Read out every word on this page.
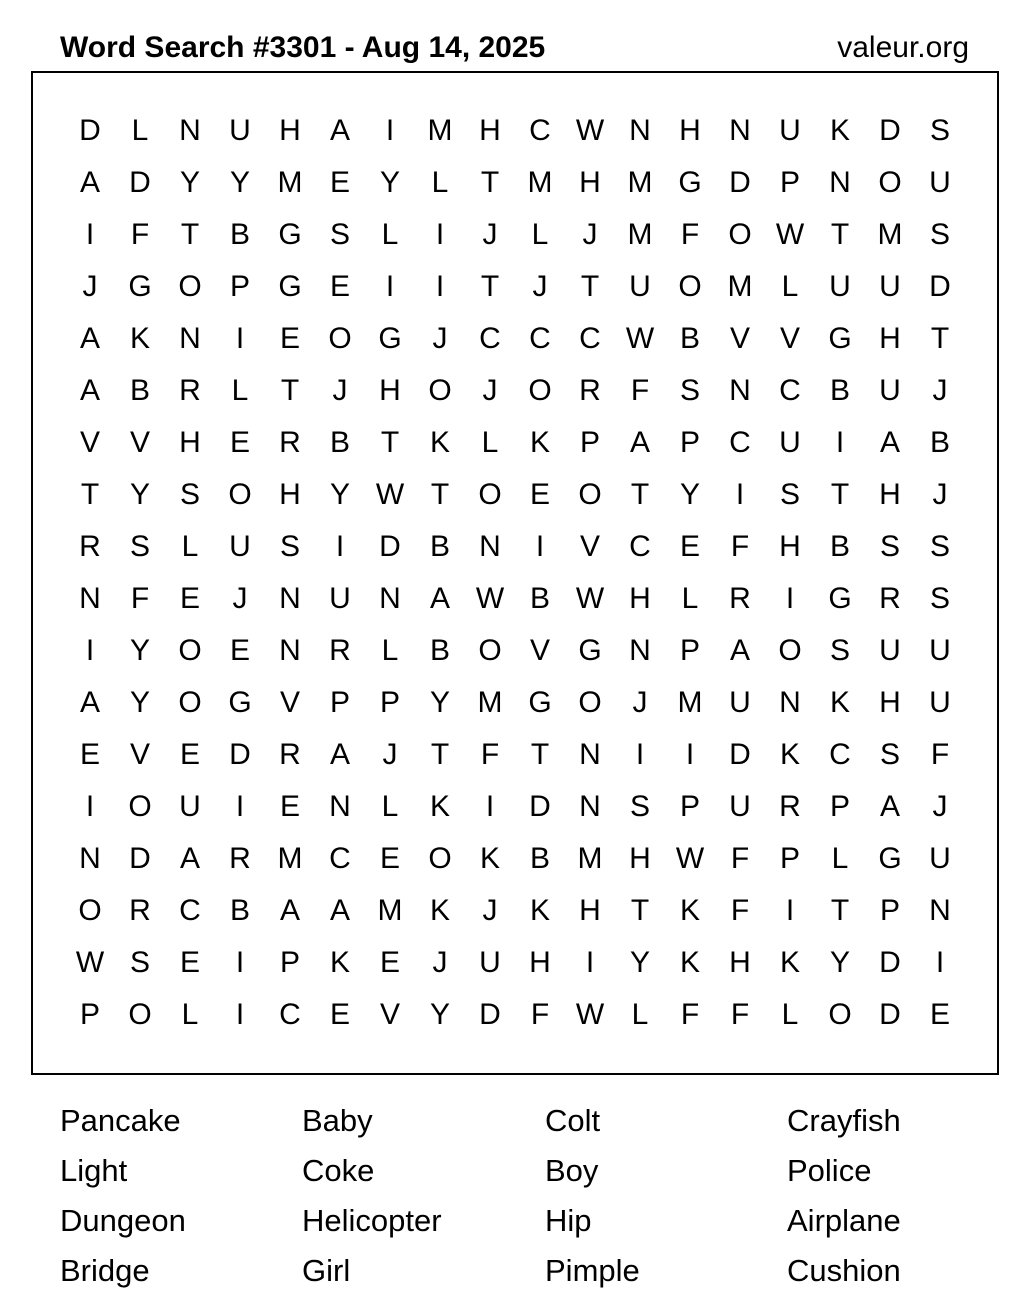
Word Search #3301 - Aug 14, 2025	valeur.org
D	L	N U H A	I	M H C W N H N U K D S
A D Y Y M E Y	L	T M H M G D P N O U
I	F	T	B G S	L	I	J	L	J	M F O W T M S
J	G O P G E	I	I	T	J	T	U O M L	U U D
A K N	I	E O G	J	C C C W B V V G H	T
A B R	L	T	J	H O	J	O R	F	S N C B U	J
V V H E R B	T	K	L	K P A P C U	I	A B
T	Y S O H Y W T O E O T	Y	I	S	T	H	J
R S	L	U S	I	D B N	I	V C E	F	H B S S
N	F	E	J	N U N A W B W H	L	R	I	G R S
I	Y O E N R	L	B O V G N P A O S U U
A Y O G V P P Y M G O	J	M U N K H U
E V E D R A	J	T	F	T	N	I	I	D K C S	F
I	O U	I	E N	L	K	I	D N S P U R P A	J
N D A R M C E O K B M H W F	P	L G U
O R C B A A M K	J	K H	T	K	F	I	T	P N
W S E	I	P K E	J	U H	I	Y K H K Y D	I
P O L	I	C E V Y D	F W L	F	F	L O D E
Pancake	Baby	Colt	Crayfish
Light	Coke	Boy	Police
Dungeon	Helicopter	Hip	Airplane
Bridge	Girl	Pimple	Cushion
